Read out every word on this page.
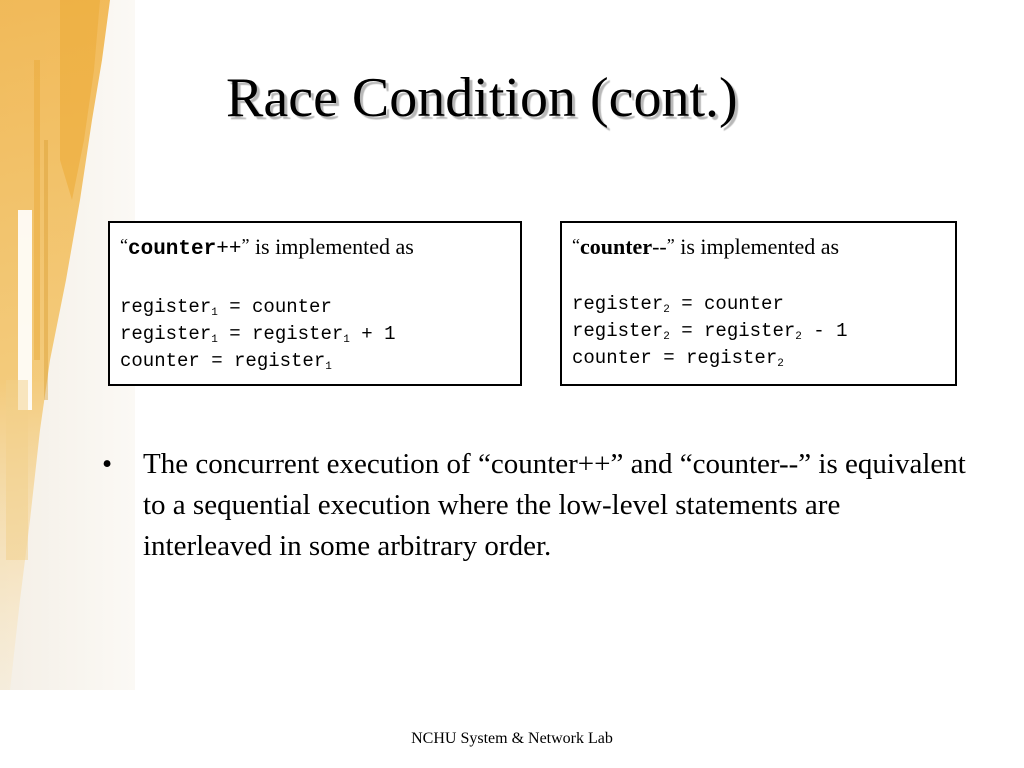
Race Condition (cont.)
“counter++” is implemented as
register$_1$ = counter
register$_1$ = register$_1$ + 1
counter = register$_1$
“counter--” is implemented as
register$_2$ = counter
register$_2$ = register$_2$ - 1
counter = register$_2$
• The concurrent execution of “counter++” and “counter--” is equivalent to a sequential execution where the low-level statements are interleaved in some arbitrary order.
NCHU System & Network Lab
